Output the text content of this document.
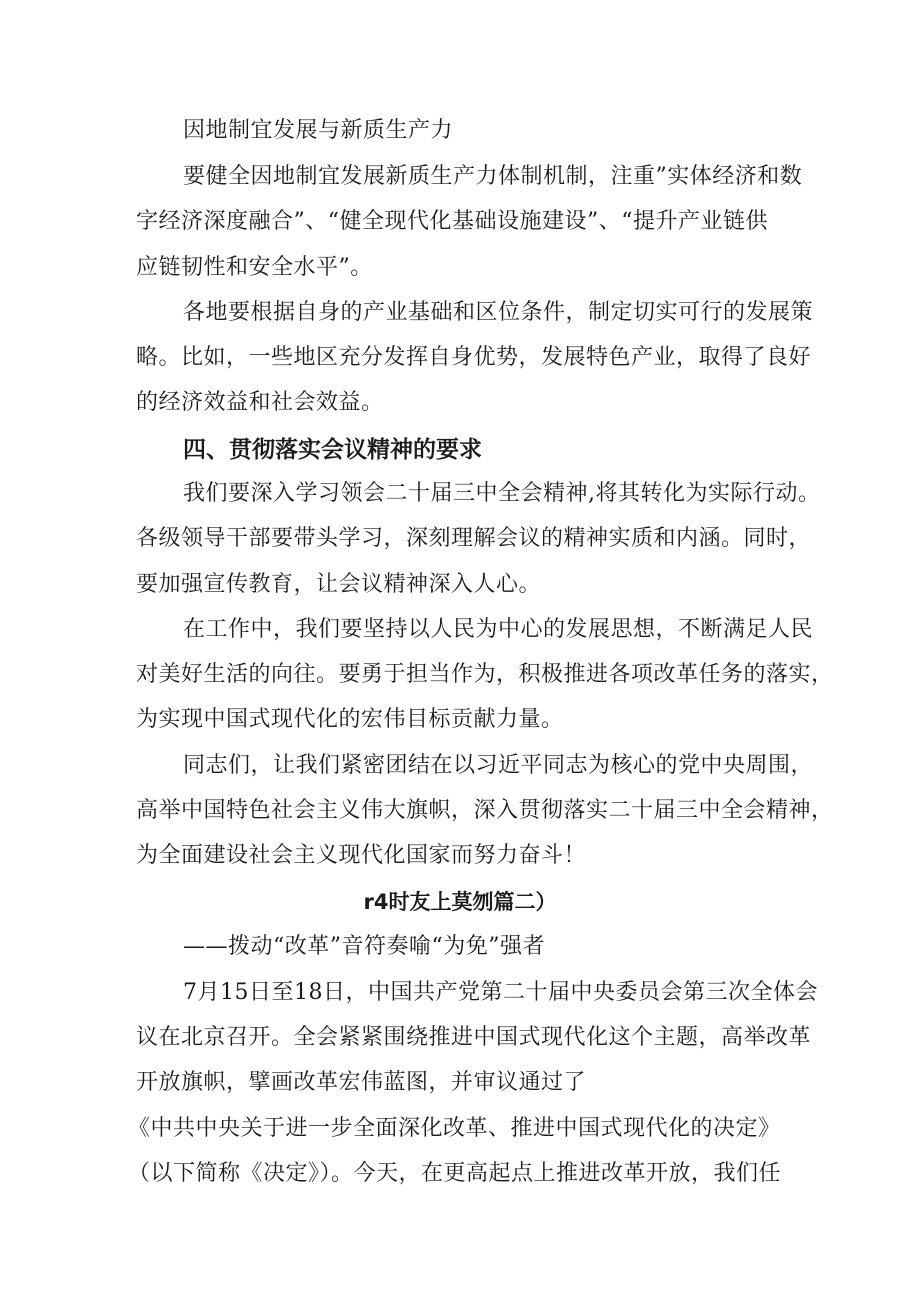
因地制宜发展与新质生产力
要健全因地制宜发展新质生产力体制机制，注重”实体经济和数
字经济深度融合”、“健全现代化基础设施建设”、“提升产业链供
应链韧性和安全水平”。
各地要根据自身的产业基础和区位条件，制定切实可行的发展策
略。比如，一些地区充分发挥自身优势，发展特色产业，取得了良好
的经济效益和社会效益。
四、贯彻落实会议精神的要求
我们要深入学习领会二十届三中全会精神,将其转化为实际行动。
各级领导干部要带头学习，深刻理解会议的精神实质和内涵。同时，
要加强宣传教育，让会议精神深入人心。
在工作中，我们要坚持以人民为中心的发展思想，不断满足人民
对美好生活的向往。要勇于担当作为，积极推进各项改革任务的落实，
为实现中国式现代化的宏伟目标贡献力量。
同志们，让我们紧密团结在以习近平同志为核心的党中央周围，
高举中国特色社会主义伟大旗帜，深入贯彻落实二十届三中全会精神，
为全面建设社会主义现代化国家而努力奋斗！
r4时友上莫刎篇二）
——拨动“改革”音符奏喻“为免”强者
7月15日至18日，中国共产党第二十届中央委员会第三次全体会
议在北京召开。全会紧紧围绕推进中国式现代化这个主题，高举改革
开放旗帜，擘画改革宏伟蓝图，并审议通过了
《中共中央关于进一步全面深化改革、推进中国式现代化的决定》
（以下简称《决定》）。今天，在更高起点上推进改革开放，我们任
